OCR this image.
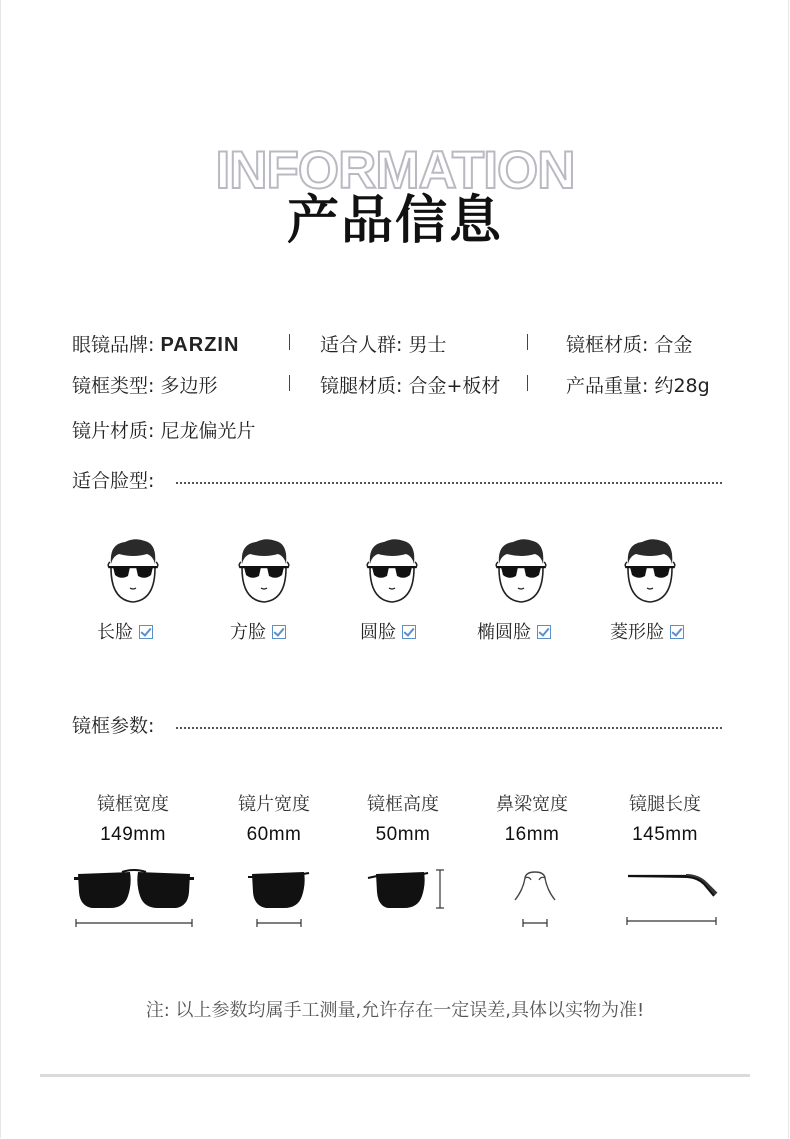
INFORMATION
产品信息
眼镜品牌: PARZIN	适合人群: 男士	镜框材质: 合金
镜框类型: 多边形	镜腿材质: 合金+板材	产品重量: 约28g
镜片材质: 尼龙偏光片
适合脸型:
长脸	方脸	圆脸	椭圆脸	菱形脸
镜框参数:
镜框宽度
149mm
镜片宽度
60mm
镜框高度
50mm
鼻梁宽度
16mm
镜腿长度
145mm
注: 以上参数均属手工测量,允许存在一定误差,具体以实物为准!
